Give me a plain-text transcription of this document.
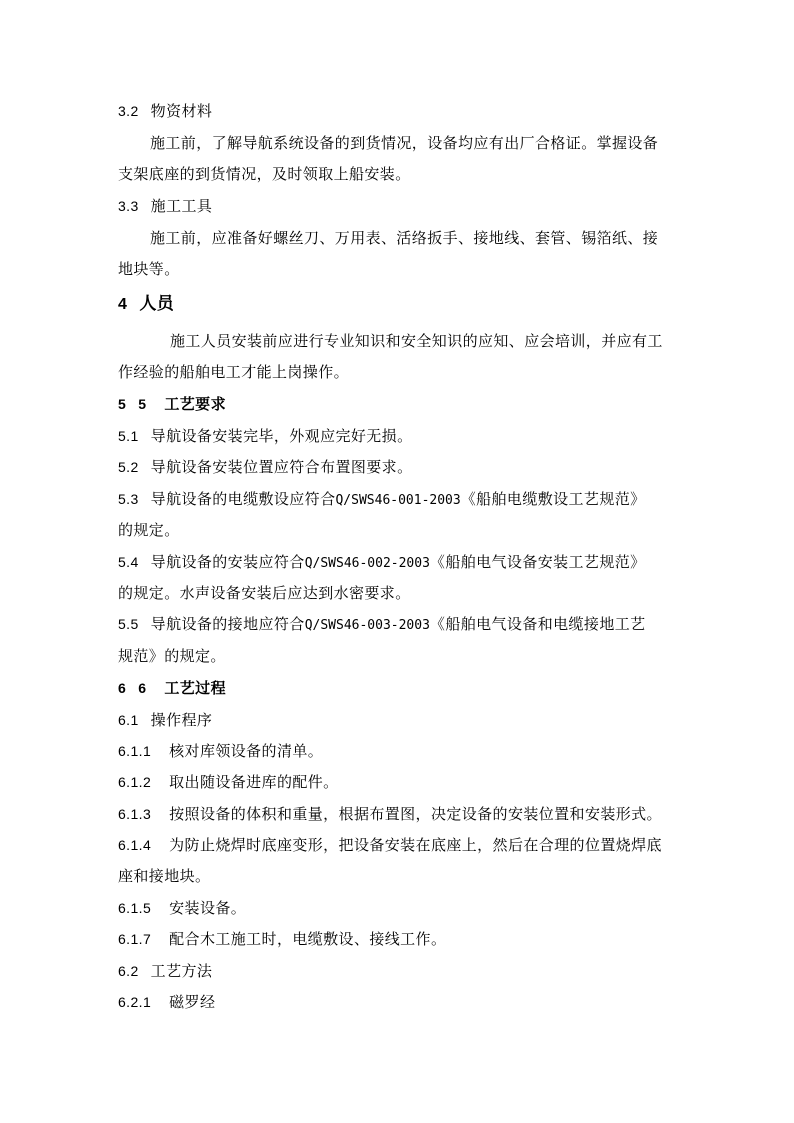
3.2 物资材料
施工前，了解导航系统设备的到货情况，设备均应有出厂合格证。掌握设备
支架底座的到货情况，及时领取上船安装。
3.3 施工工具
施工前，应准备好螺丝刀、万用表、活络扳手、接地线、套管、锡箔纸、接
地块等。
4 人员
施工人员安装前应进行专业知识和安全知识的应知、应会培训，并应有工
作经验的船舶电工才能上岗操作。
5 5 工艺要求
5.1 导航设备安装完毕，外观应完好无损。
5.2 导航设备安装位置应符合布置图要求。
5.3 导航设备的电缆敷设应符合Q/SWS46-001-2003《船舶电缆敷设工艺规范》
的规定。
5.4 导航设备的安装应符合Q/SWS46-002-2003《船舶电气设备安装工艺规范》
的规定。水声设备安装后应达到水密要求。
5.5 导航设备的接地应符合Q/SWS46-003-2003《船舶电气设备和电缆接地工艺
规范》的规定。
6 6 工艺过程
6.1 操作程序
6.1.1 核对库领设备的清单。
6.1.2 取出随设备进库的配件。
6.1.3 按照设备的体积和重量，根据布置图，决定设备的安装位置和安装形式。
6.1.4 为防止烧焊时底座变形，把设备安装在底座上，然后在合理的位置烧焊底
座和接地块。
6.1.5 安装设备。
6.1.7 配合木工施工时，电缆敷设、接线工作。
6.2 工艺方法
6.2.1 磁罗经
